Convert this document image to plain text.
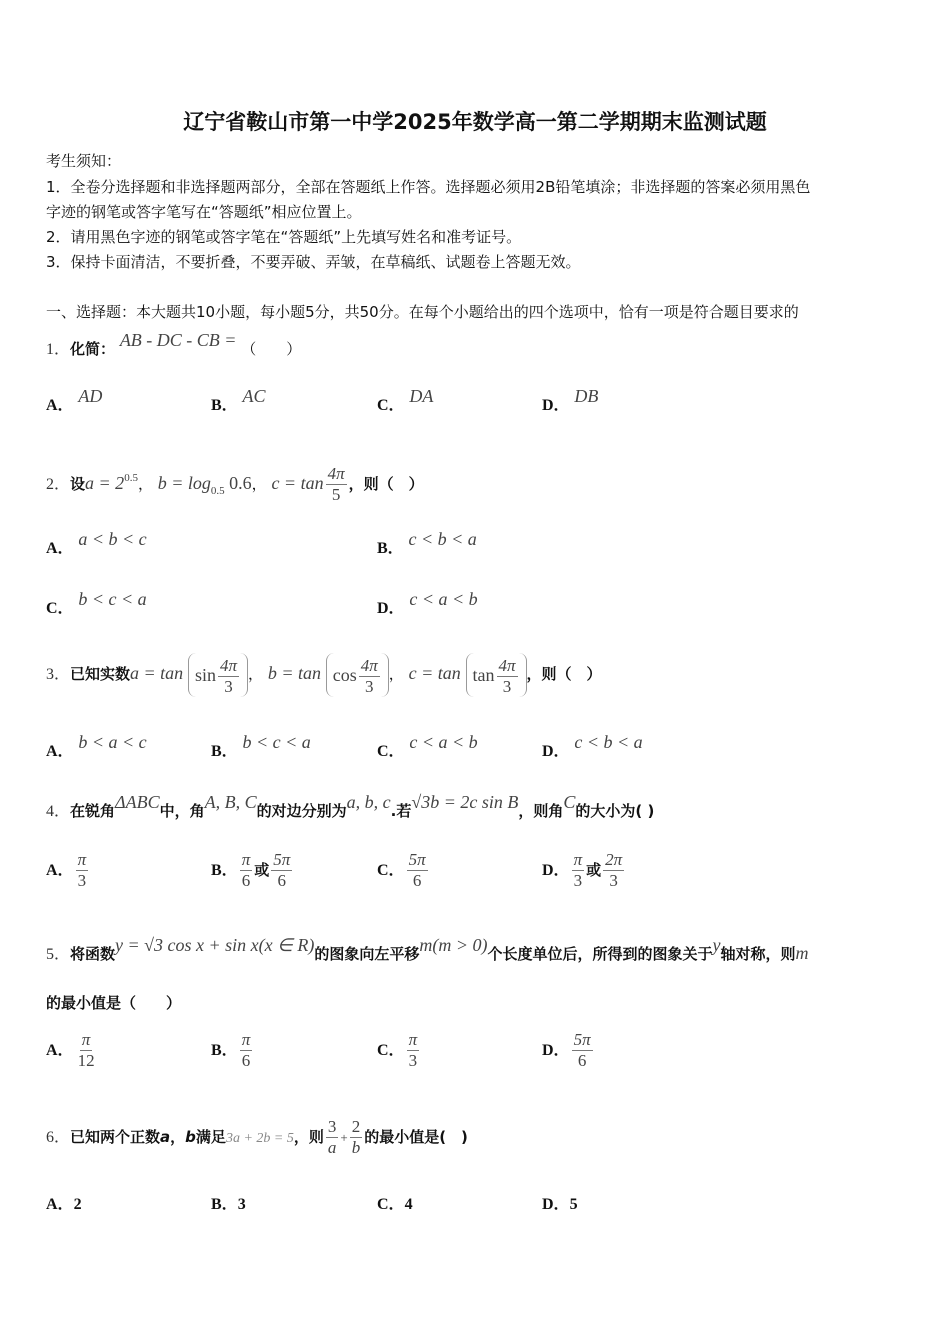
辽宁省鞍山市第一中学2025年数学高一第二学期期末监测试题
考生须知：
1．全卷分选择题和非选择题两部分，全部在答题纸上作答。选择题必须用2B铅笔填涂；非选择题的答案必须用黑色
字迹的钢笔或答字笔写在“答题纸”相应位置上。
2．请用黑色字迹的钢笔或答字笔在“答题纸”上先填写姓名和准考证号。
3．保持卡面清洁，不要折叠，不要弄破、弄皱，在草稿纸、试题卷上答题无效。
一、选择题：本大题共10小题，每小题5分，共50分。在每个小题给出的四个选项中，恰有一项是符合题目要求的
1．化简： AB - DC - CB = （　　）
A． AD	B． AC	C． DA	D． DB
2．设$a = 2^{0.5}$， $b = \log_{0.5} 0.6$， $c = \tan \frac{4\pi}{5}$ ，则（　）
A． a < b < c	B． c < b < a
C． b < c < a	D． c < a < b
3．已知实数$a = \tan \sin \frac{4\pi}{3}$ ， $b = \tan \cos \frac{4\pi}{3}$ ， $c = \tan \tan \frac{4\pi}{3}$ ，则（　）
A． b < a < c	B． b < c < a	C． c < a < b	D． c < b < a
4．在锐角ΔABC中，角A, B, C的对边分别为a, b, c.若√3b = 2c sin B，则角C的大小为( )
A． $\frac{\pi}{3}$	B． $\frac{\pi}{6}$ 或 $\frac{5\pi}{6}$	C． $\frac{5\pi}{6}$	D． $\frac{\pi}{3}$ 或 $\frac{2\pi}{3}$
5．将函数y = √3 cos x + sin x(x ∈ R)的图象向左平移m(m > 0)个长度单位后，所得到的图象关于y轴对称，则m
的最小值是（　　）
A． $\frac{\pi}{12}$	B． $\frac{\pi}{6}$	C． $\frac{\pi}{3}$	D． $\frac{5\pi}{6}$
6．已知两个正数a，b满足3a + 2b = 5，则 $\frac{3}{a} + \frac{2}{b}$ 的最小值是(　)
A．2	B．3	C．4	D．5
